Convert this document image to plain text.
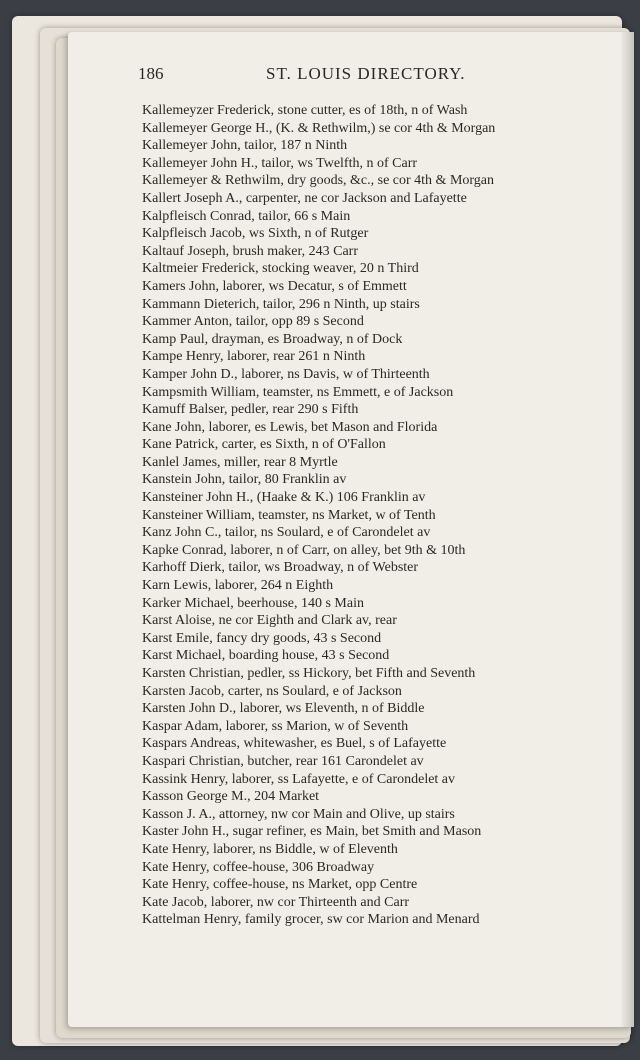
186	ST. LOUIS DIRECTORY.
Kallemeyzer Frederick, stone cutter, es of 18th, n of Wash
Kallemeyer George H., (K. & Rethwilm,) se cor 4th & Morgan
Kallemeyer John, tailor, 187 n Ninth
Kallemeyer John H., tailor, ws Twelfth, n of Carr
Kallemeyer & Rethwilm, dry goods, &c., se cor 4th & Morgan
Kallert Joseph A., carpenter, ne cor Jackson and Lafayette
Kalpfleisch Conrad, tailor, 66 s Main
Kalpfleisch Jacob, ws Sixth, n of Rutger
Kaltauf Joseph, brush maker, 243 Carr
Kaltmeier Frederick, stocking weaver, 20 n Third
Kamers John, laborer, ws Decatur, s of Emmett
Kammann Dieterich, tailor, 296 n Ninth, up stairs
Kammer Anton, tailor, opp 89 s Second
Kamp Paul, drayman, es Broadway, n of Dock
Kampe Henry, laborer, rear 261 n Ninth
Kamper John D., laborer, ns Davis, w of Thirteenth
Kampsmith William, teamster, ns Emmett, e of Jackson
Kamuff Balser, pedler, rear 290 s Fifth
Kane John, laborer, es Lewis, bet Mason and Florida
Kane Patrick, carter, es Sixth, n of O'Fallon
Kanlel James, miller, rear 8 Myrtle
Kanstein John, tailor, 80 Franklin av
Kansteiner John H., (Haake & K.) 106 Franklin av
Kansteiner William, teamster, ns Market, w of Tenth
Kanz John C., tailor, ns Soulard, e of Carondelet av
Kapke Conrad, laborer, n of Carr, on alley, bet 9th & 10th
Karhoff Dierk, tailor, ws Broadway, n of Webster
Karn Lewis, laborer, 264 n Eighth
Karker Michael, beerhouse, 140 s Main
Karst Aloise, ne cor Eighth and Clark av, rear
Karst Emile, fancy dry goods, 43 s Second
Karst Michael, boarding house, 43 s Second
Karsten Christian, pedler, ss Hickory, bet Fifth and Seventh
Karsten Jacob, carter, ns Soulard, e of Jackson
Karsten John D., laborer, ws Eleventh, n of Biddle
Kaspar Adam, laborer, ss Marion, w of Seventh
Kaspars Andreas, whitewasher, es Buel, s of Lafayette
Kaspari Christian, butcher, rear 161 Carondelet av
Kassink Henry, laborer, ss Lafayette, e of Carondelet av
Kasson George M., 204 Market
Kasson J. A., attorney, nw cor Main and Olive, up stairs
Kaster John H., sugar refiner, es Main, bet Smith and Mason
Kate Henry, laborer, ns Biddle, w of Eleventh
Kate Henry, coffee-house, 306 Broadway
Kate Henry, coffee-house, ns Market, opp Centre
Kate Jacob, laborer, nw cor Thirteenth and Carr
Kattelman Henry, family grocer, sw cor Marion and Menard
